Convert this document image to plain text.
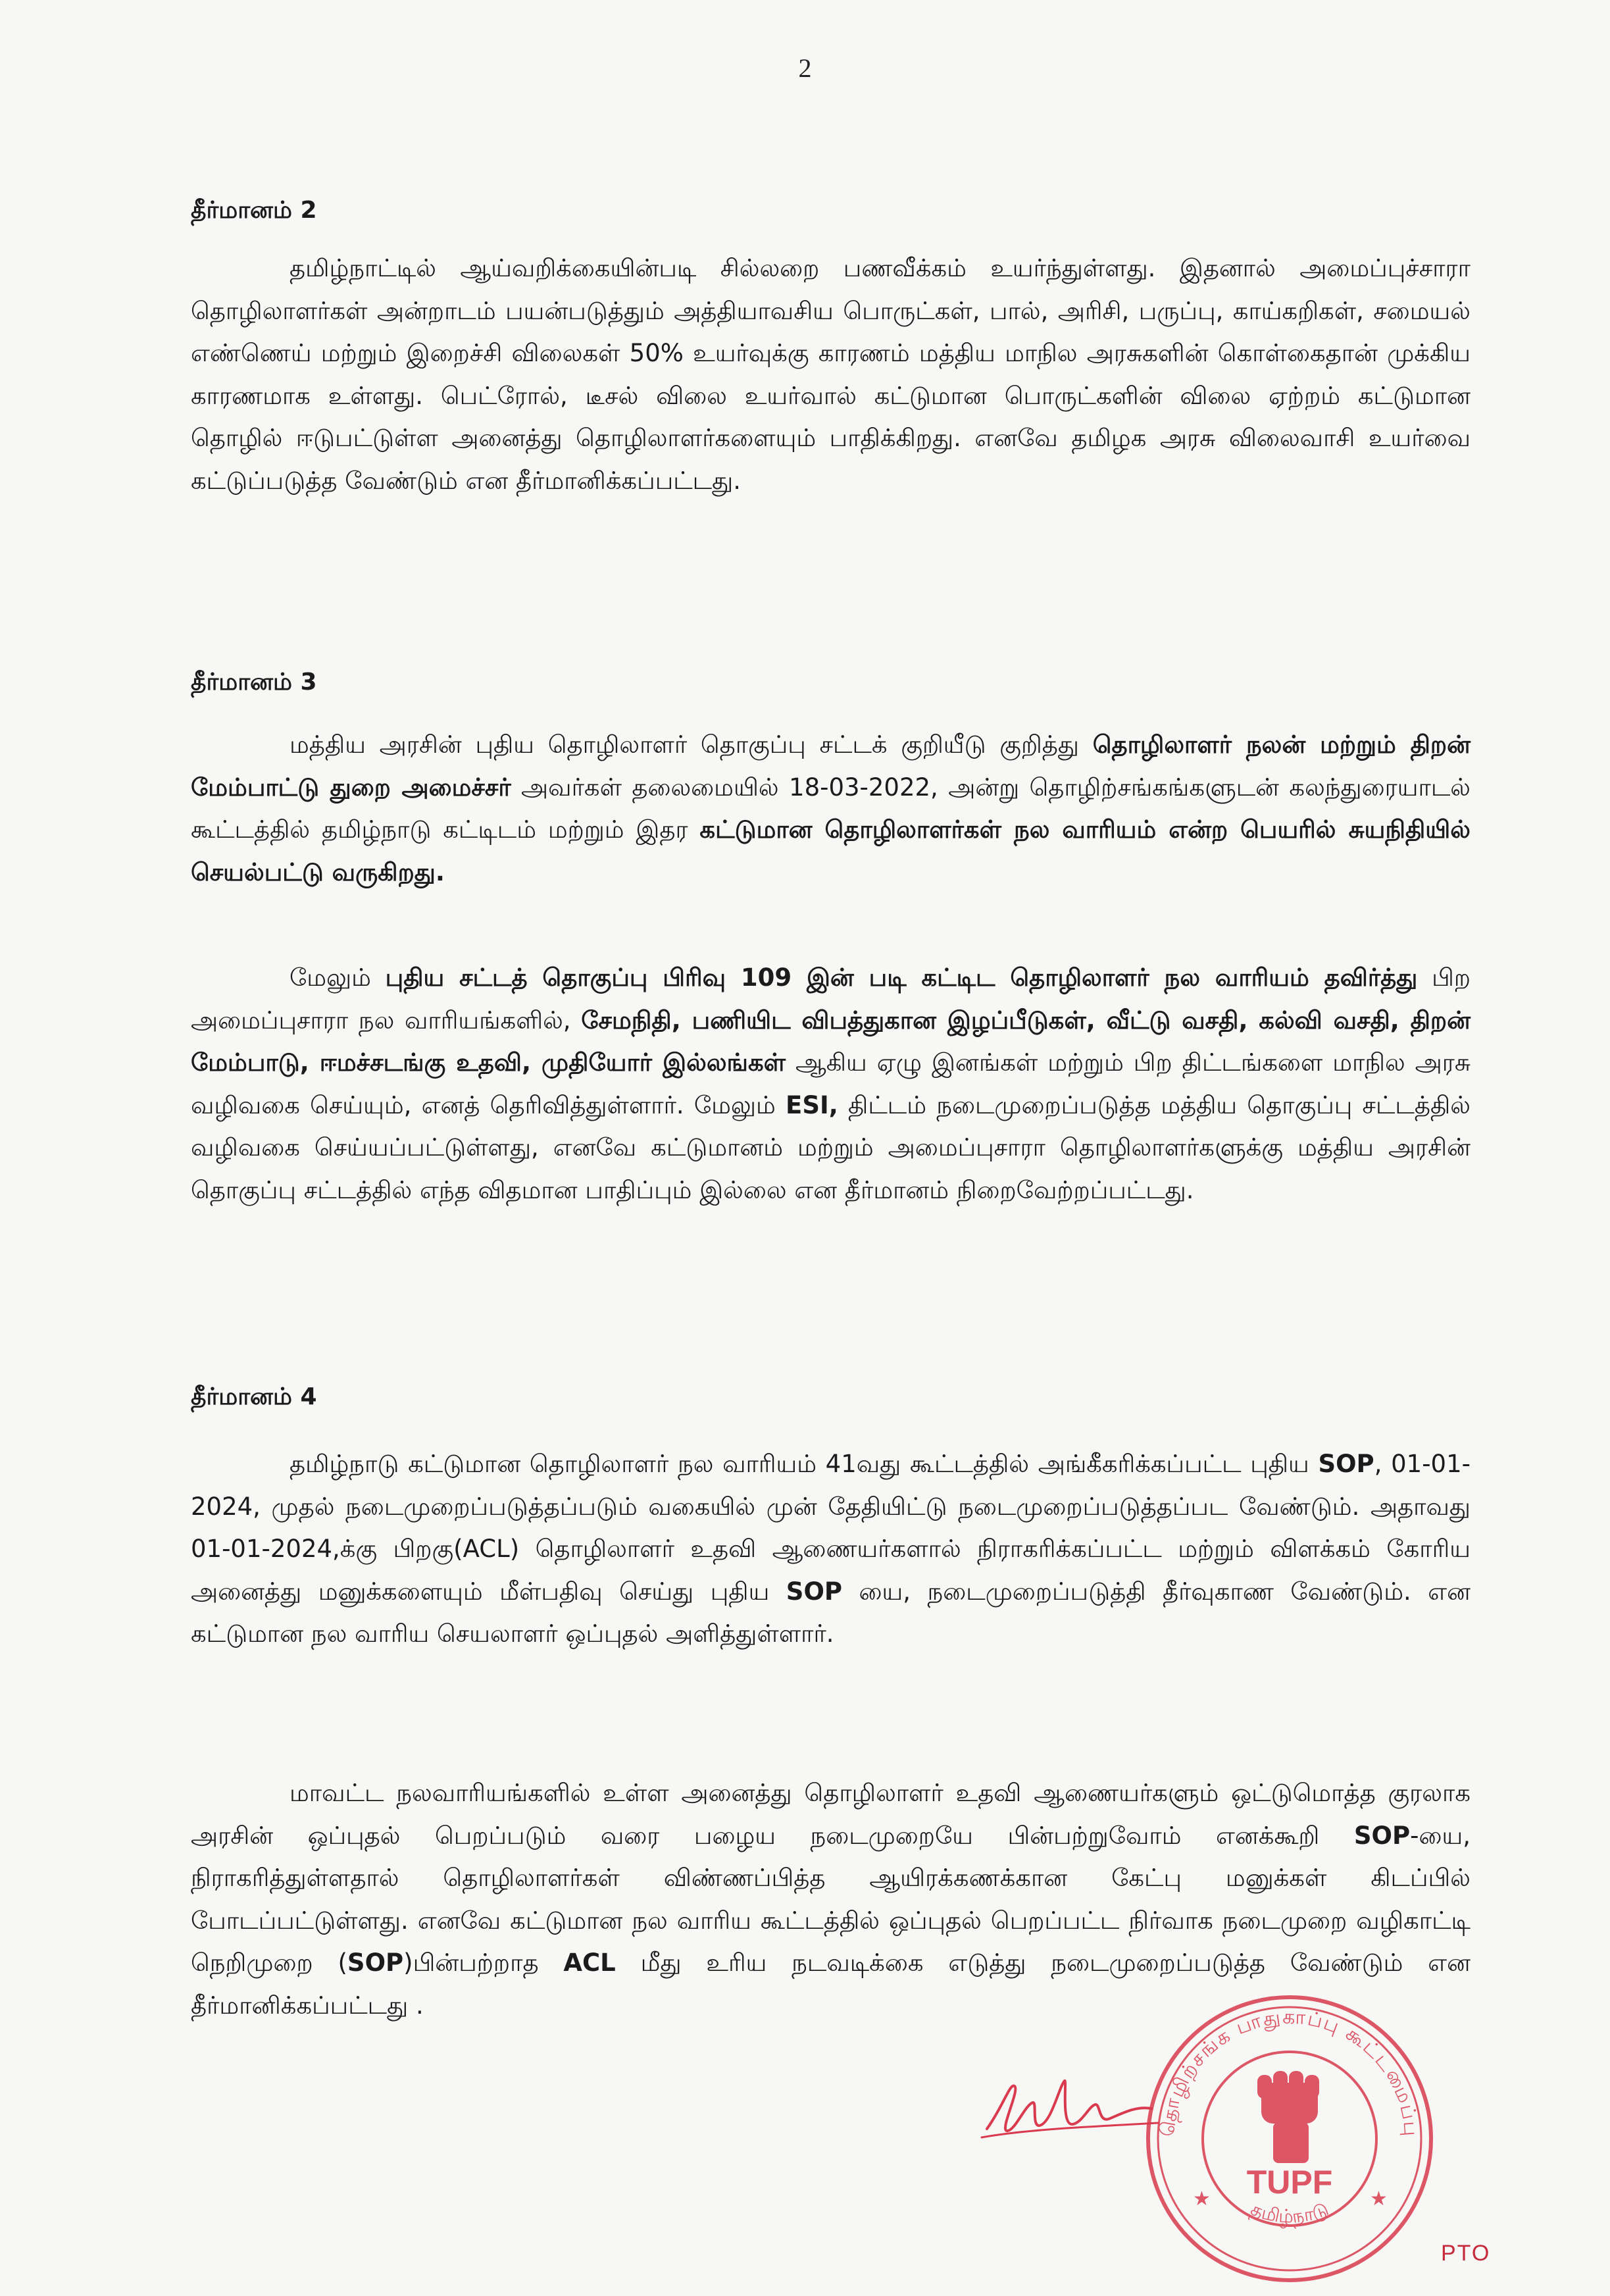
2
தீர்மானம் 2

தமிழ்நாட்டில் ஆய்வறிக்கையின்படி சில்லறை பணவீக்கம் உயர்ந்துள்ளது. இதனால் அமைப்புச்சாரா தொழிலாளர்கள் அன்றாடம் பயன்படுத்தும் அத்தியாவசிய பொருட்கள், பால், அரிசி, பருப்பு, காய்கறிகள், சமையல் எண்ணெய் மற்றும் இறைச்சி விலைகள் 50% உயர்வுக்கு காரணம் மத்திய மாநில அரசுகளின் கொள்கைதான் முக்கிய காரணமாக உள்ளது. பெட்ரோல், டீசல் விலை உயர்வால் கட்டுமான பொருட்களின் விலை ஏற்றம் கட்டுமான தொழில் ஈடுபட்டுள்ள அனைத்து தொழிலாளர்களையும் பாதிக்கிறது. எனவே தமிழக அரசு விலைவாசி உயர்வை கட்டுப்படுத்த வேண்டும் என தீர்மானிக்கப்பட்டது.

தீர்மானம் 3

மத்திய அரசின் புதிய தொழிலாளர் தொகுப்பு சட்டக் குறியீடு குறித்து தொழிலாளர் நலன் மற்றும் திறன் மேம்பாட்டு துறை அமைச்சர் அவர்கள் தலைமையில் 18-03-2022, அன்று தொழிற்சங்கங்களுடன் கலந்துரையாடல் கூட்டத்தில் தமிழ்நாடு கட்டிடம் மற்றும் இதர கட்டுமான தொழிலாளர்கள் நல வாரியம் என்ற பெயரில் சுயநிதியில் செயல்பட்டு வருகிறது.

மேலும் புதிய சட்டத் தொகுப்பு பிரிவு 109 இன் படி கட்டிட தொழிலாளர் நல வாரியம் தவிர்த்து பிற அமைப்புசாரா நல வாரியங்களில், சேமநிதி, பணியிட விபத்துகான இழப்பீடுகள், வீட்டு வசதி, கல்வி வசதி, திறன் மேம்பாடு, ஈமச்சடங்கு உதவி, முதியோர் இல்லங்கள் ஆகிய ஏழு இனங்கள் மற்றும் பிற திட்டங்களை மாநில அரசு வழிவகை செய்யும், எனத் தெரிவித்துள்ளார். மேலும் ESI, திட்டம் நடைமுறைப்படுத்த மத்திய தொகுப்பு சட்டத்தில் வழிவகை செய்யப்பட்டுள்ளது, எனவே கட்டுமானம் மற்றும் அமைப்புசாரா தொழிலாளர்களுக்கு மத்திய அரசின் தொகுப்பு சட்டத்தில் எந்த விதமான பாதிப்பும் இல்லை என தீர்மானம் நிறைவேற்றப்பட்டது.

தீர்மானம் 4

தமிழ்நாடு கட்டுமான தொழிலாளர் நல வாரியம் 41வது கூட்டத்தில் அங்கீகரிக்கப்பட்ட புதிய SOP, 01-01-2024, முதல் நடைமுறைப்படுத்தப்படும் வகையில் முன் தேதியிட்டு நடைமுறைப்படுத்தப்பட வேண்டும். அதாவது 01-01-2024,க்கு பிறகு(ACL) தொழிலாளர் உதவி ஆணையர்களால் நிராகரிக்கப்பட்ட மற்றும் விளக்கம் கோரிய அனைத்து மனுக்களையும் மீள்பதிவு செய்து புதிய SOP யை, நடைமுறைப்படுத்தி தீர்வுகாண வேண்டும். என கட்டுமான நல வாரிய செயலாளர் ஒப்புதல் அளித்துள்ளார்.

மாவட்ட நலவாரியங்களில் உள்ள அனைத்து தொழிலாளர் உதவி ஆணையர்களும் ஒட்டுமொத்த குரலாக அரசின் ஒப்புதல் பெறப்படும் வரை பழைய நடைமுறையே பின்பற்றுவோம் எனக்கூறி SOP-யை, நிராகரித்துள்ளதால் தொழிலாளர்கள் விண்ணப்பித்த ஆயிரக்கணக்கான கேட்பு மனுக்கள் கிடப்பில் போடப்பட்டுள்ளது. எனவே கட்டுமான நல வாரிய கூட்டத்தில் ஒப்புதல் பெறப்பட்ட நிர்வாக நடைமுறை வழிகாட்டி நெறிமுறை (SOP)பின்பற்றாத ACL மீது உரிய நடவடிக்கை எடுத்து நடைமுறைப்படுத்த வேண்டும் என தீர்மானிக்கப்பட்டது .

தொழிற்சங்க பாதுகாப்பு கூட்டமைப்பு
தமிழ்நாடு
★	★
TUPF
PTO
